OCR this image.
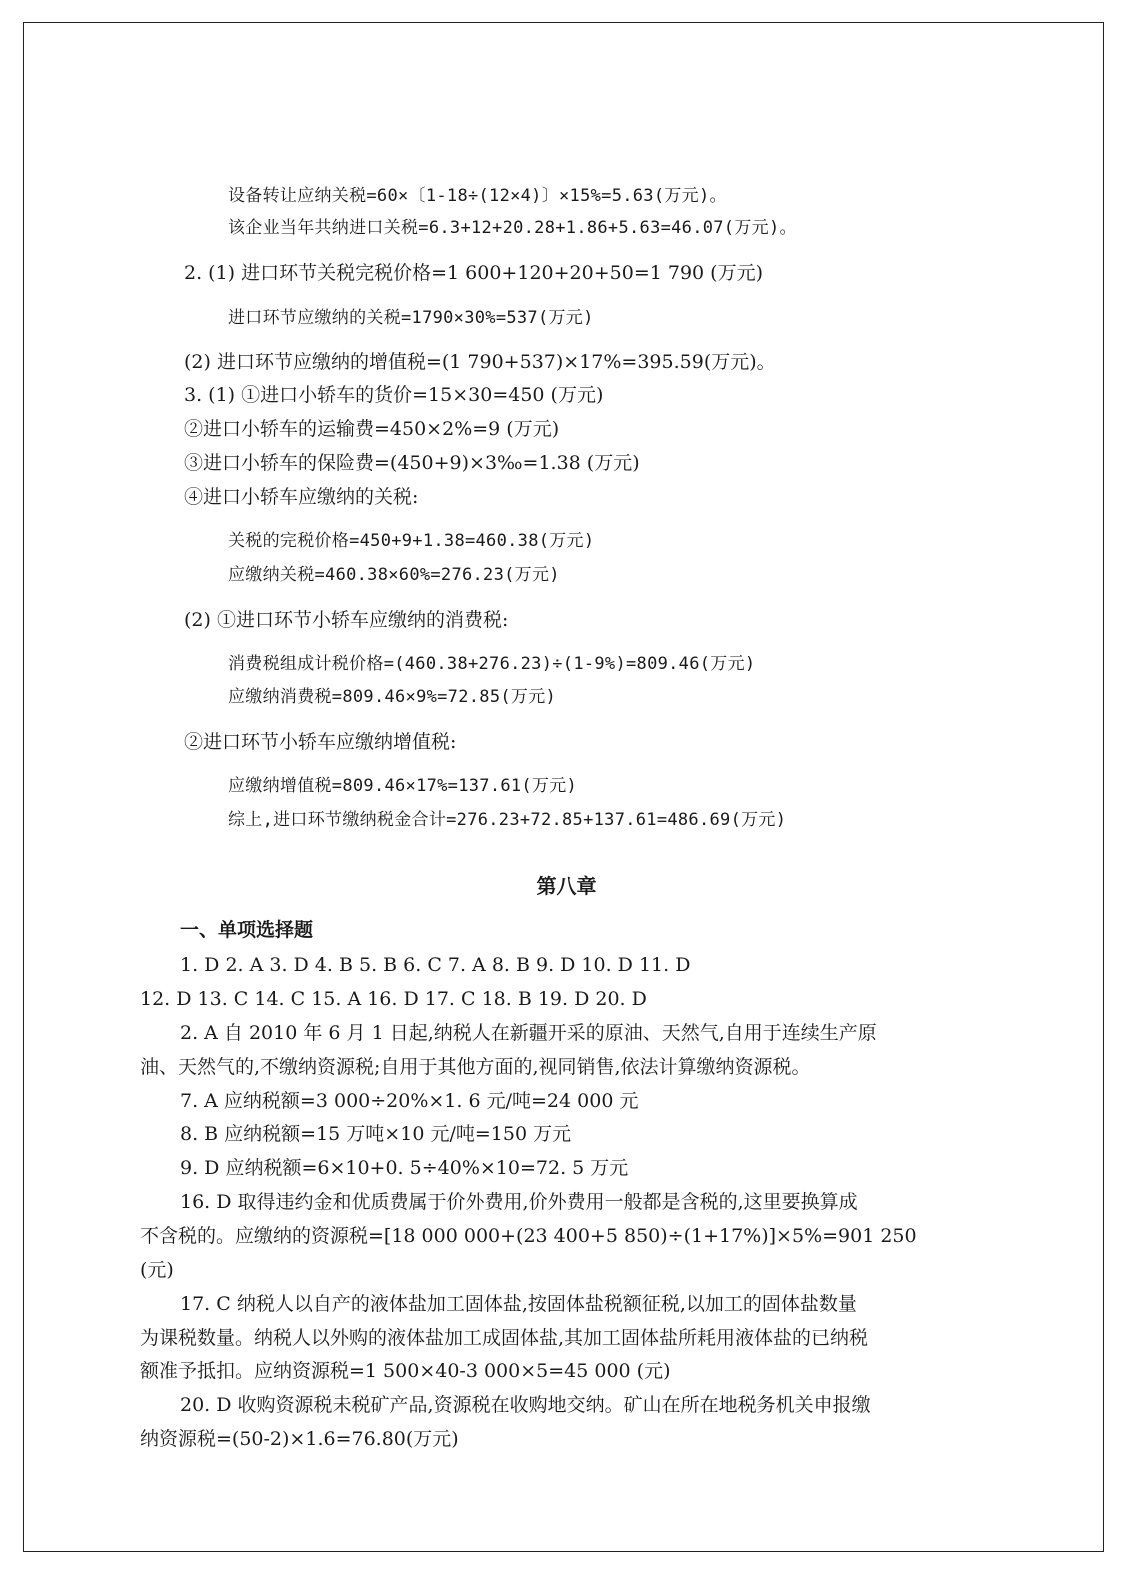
设备转让应纳关税=60×〔1-18÷(12×4)〕×15%=5.63(万元)。
该企业当年共纳进口关税=6.3+12+20.28+1.86+5.63=46.07(万元)。
2. (1) 进口环节关税完税价格=1 600+120+20+50=1 790 (万元)
进口环节应缴纳的关税=1790×30%=537(万元)
(2) 进口环节应缴纳的增值税=(1 790+537)×17%=395.59(万元)。
3. (1) ①进口小轿车的货价=15×30=450 (万元)
②进口小轿车的运输费=450×2%=9 (万元)
③进口小轿车的保险费=(450+9)×3‰=1.38 (万元)
④进口小轿车应缴纳的关税:
关税的完税价格=450+9+1.38=460.38(万元)
应缴纳关税=460.38×60%=276.23(万元)
(2) ①进口环节小轿车应缴纳的消费税:
消费税组成计税价格=(460.38+276.23)÷(1-9%)=809.46(万元)
应缴纳消费税=809.46×9%=72.85(万元)
②进口环节小轿车应缴纳增值税:
应缴纳增值税=809.46×17%=137.61(万元)
综上,进口环节缴纳税金合计=276.23+72.85+137.61=486.69(万元)
第八章
一、单项选择题
1. D 2. A 3. D 4. B 5. B 6. C 7. A 8. B 9. D 10. D 11. D
12. D 13. C 14. C 15. A 16. D 17. C 18. B 19. D 20. D
2. A 自 2010 年 6 月 1 日起,纳税人在新疆开采的原油、天然气,自用于连续生产原
油、天然气的,不缴纳资源税;自用于其他方面的,视同销售,依法计算缴纳资源税。
7. A 应纳税额=3 000÷20%×1. 6 元/吨=24 000 元
8. B 应纳税额=15 万吨×10 元/吨=150 万元
9. D 应纳税额=6×10+0. 5÷40%×10=72. 5 万元
16. D 取得违约金和优质费属于价外费用,价外费用一般都是含税的,这里要换算成
不含税的。应缴纳的资源税=[18 000 000+(23 400+5 850)÷(1+17%)]×5%=901 250
(元)
17. C 纳税人以自产的液体盐加工固体盐,按固体盐税额征税,以加工的固体盐数量
为课税数量。纳税人以外购的液体盐加工成固体盐,其加工固体盐所耗用液体盐的已纳税
额准予抵扣。应纳资源税=1 500×40-3 000×5=45 000 (元)
20. D 收购资源税未税矿产品,资源税在收购地交纳。矿山在所在地税务机关申报缴
纳资源税=(50-2)×1.6=76.80(万元)
